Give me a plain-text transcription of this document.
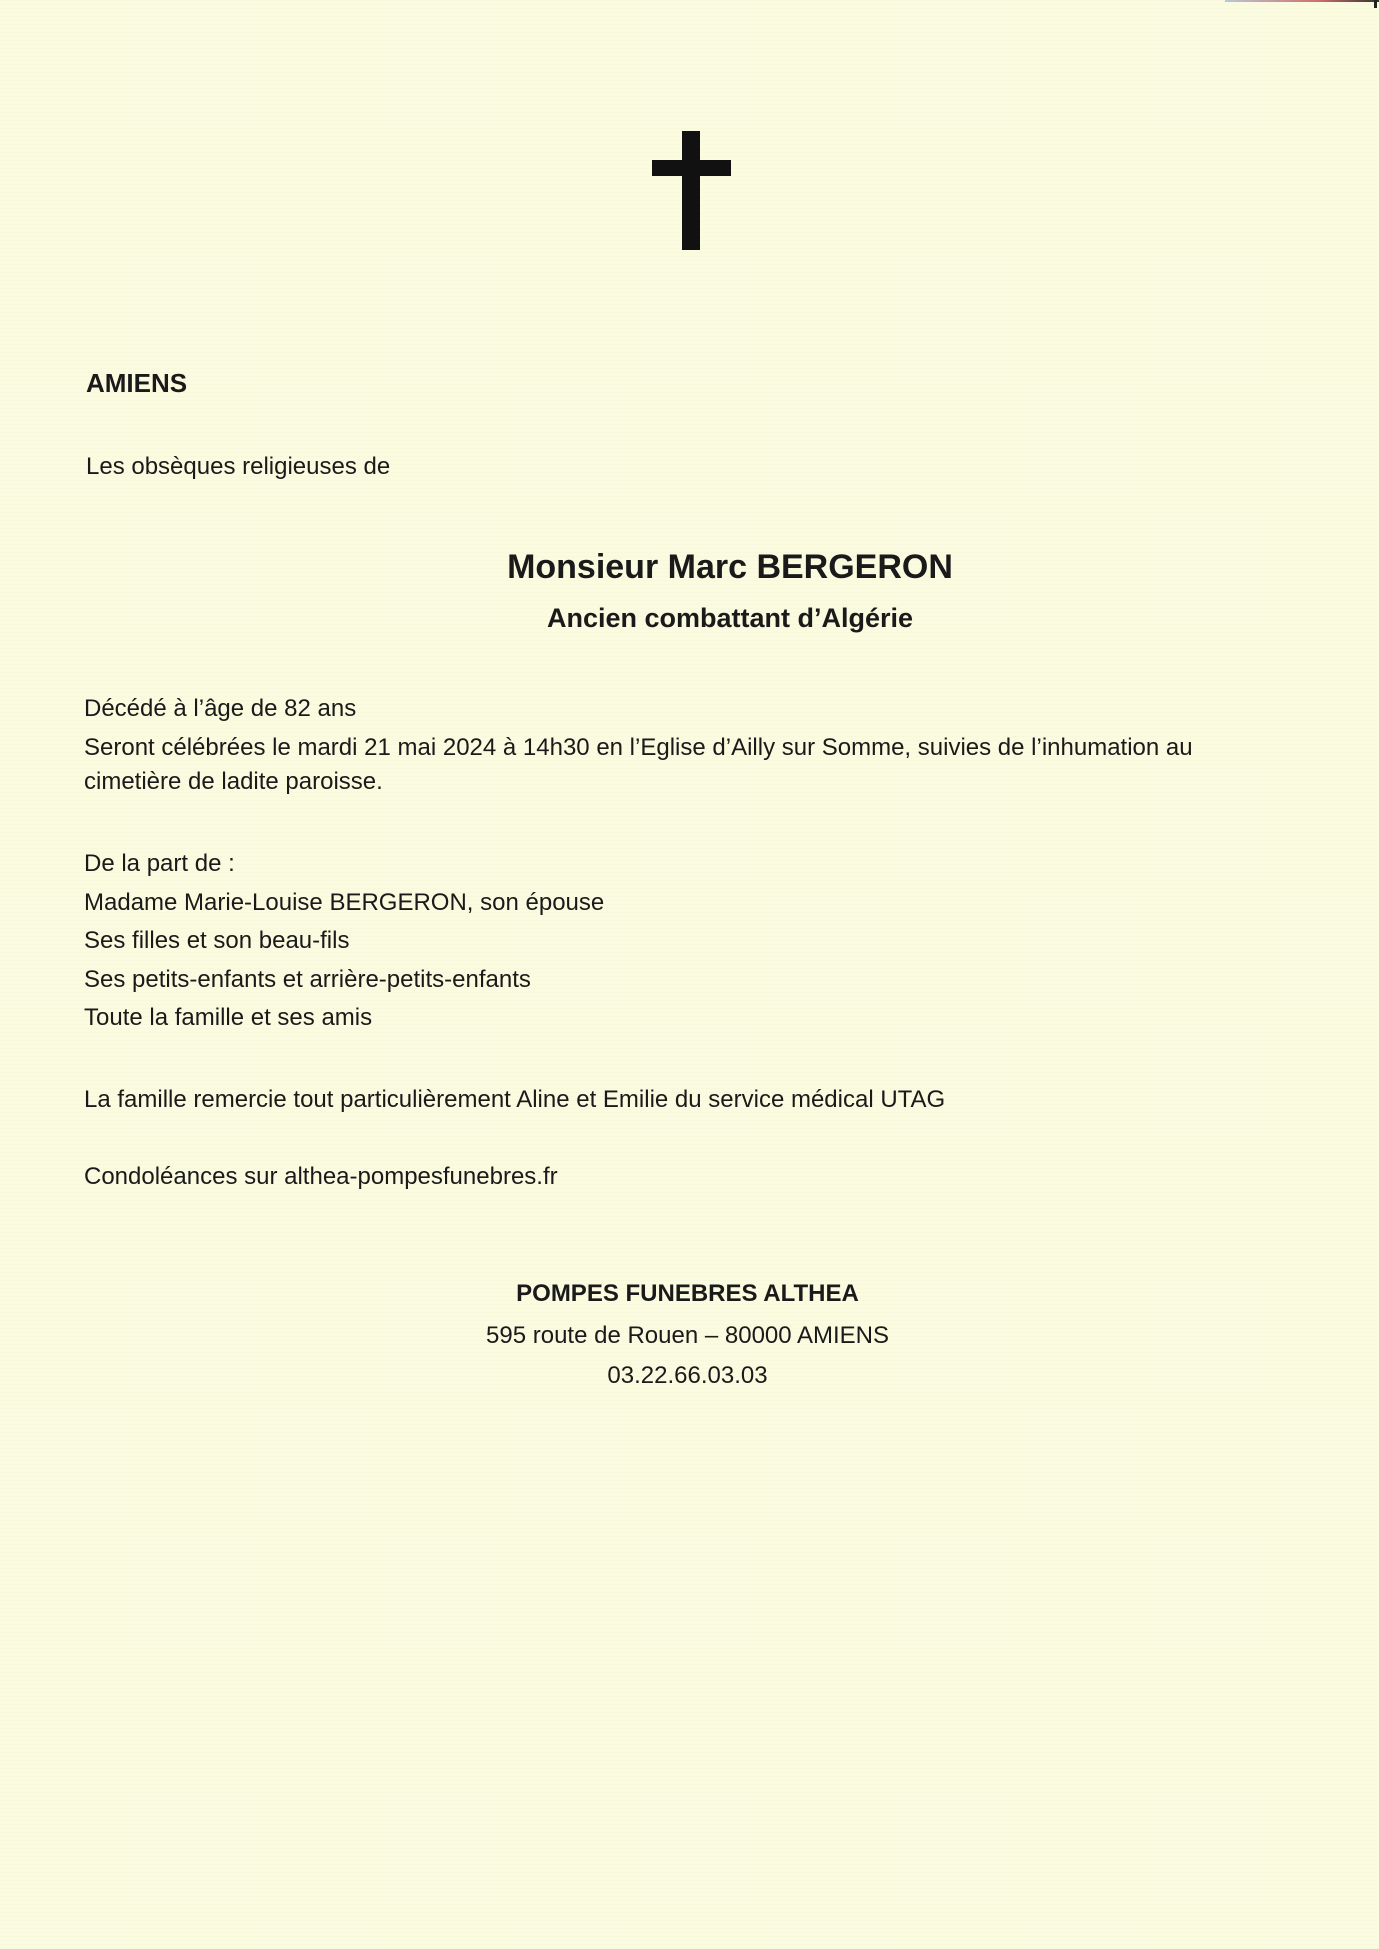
AMIENS
Les obsèques religieuses de
Monsieur Marc BERGERON
Ancien combattant d’Algérie
Décédé à l’âge de 82 ans
Seront célébrées le mardi 21 mai 2024 à 14h30 en l’Eglise d’Ailly sur Somme, suivies de l’inhumation au
cimetière de ladite paroisse.
De la part de :
Madame Marie-Louise BERGERON, son épouse
Ses filles et son beau-fils
Ses petits-enfants et arrière-petits-enfants
Toute la famille et ses amis
La famille remercie tout particulièrement Aline et Emilie du service médical UTAG
Condoléances sur althea-pompesfunebres.fr
POMPES FUNEBRES ALTHEA
595 route de Rouen – 80000 AMIENS
03.22.66.03.03
